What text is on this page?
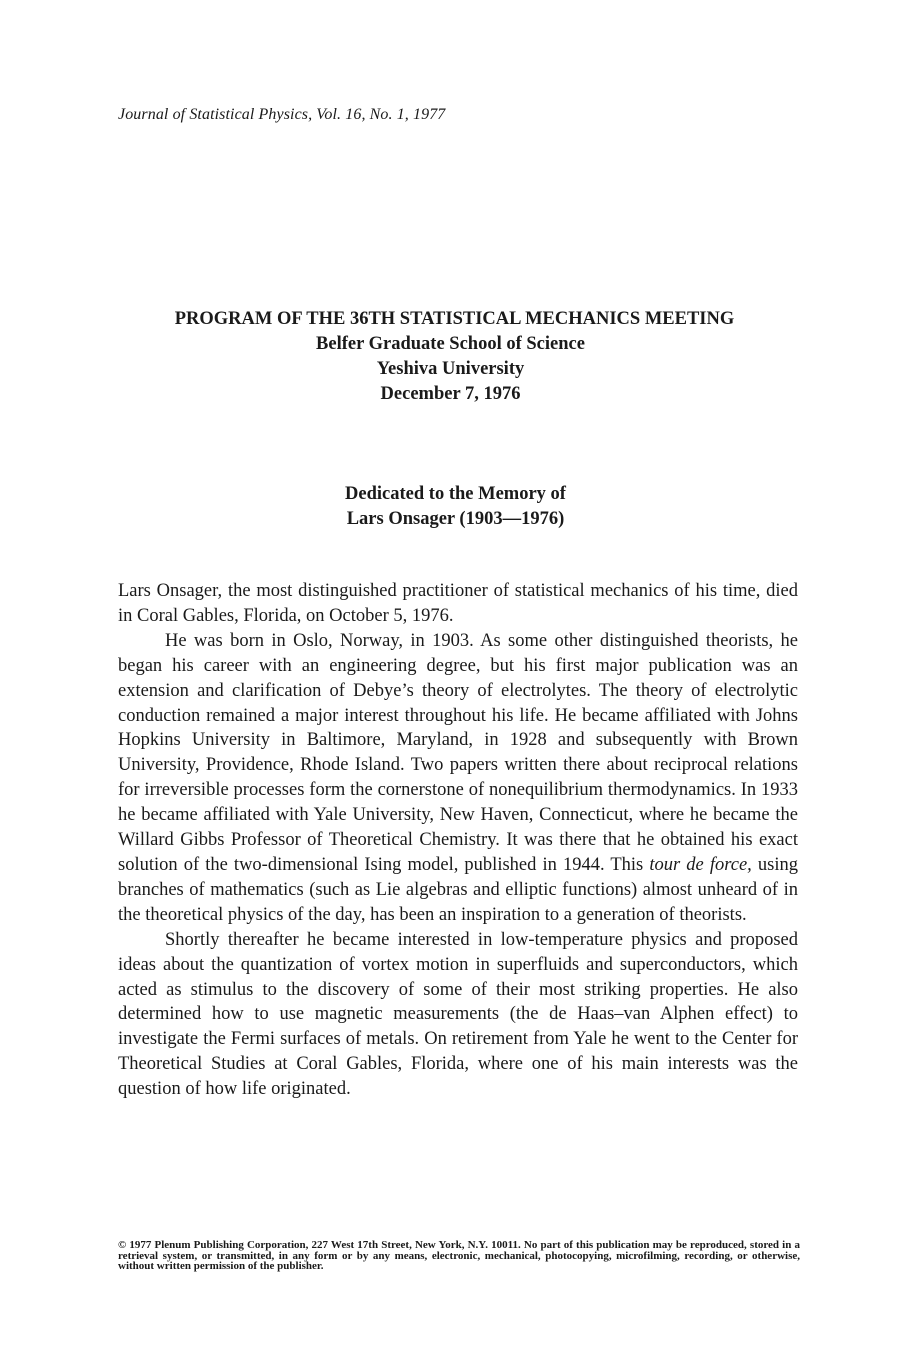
Journal of Statistical Physics, Vol. 16, No. 1, 1977
PROGRAM OF THE 36TH STATISTICAL MECHANICS MEETING
Belfer Graduate School of Science
Yeshiva University
December 7, 1976
Dedicated to the Memory of
Lars Onsager (1903—1976)

Lars Onsager, the most distinguished practitioner of statistical mechanics of his time, died in Coral Gables, Florida, on October 5, 1976.

He was born in Oslo, Norway, in 1903. As some other distinguished theorists, he began his career with an engineering degree, but his first major publication was an extension and clarification of Debye’s theory of electrolytes. The theory of electrolytic conduction remained a major interest throughout his life. He became affiliated with Johns Hopkins University in Baltimore, Maryland, in 1928 and subsequently with Brown University, Providence, Rhode Island. Two papers written there about reciprocal relations for irreversible processes form the cornerstone of nonequilibrium thermodynamics. In 1933 he became affiliated with Yale University, New Haven, Connecticut, where he became the Willard Gibbs Professor of Theoretical Chemistry. It was there that he obtained his exact solution of the two-dimensional Ising model, published in 1944. This tour de force, using branches of mathematics (such as Lie algebras and elliptic functions) almost unheard of in the theoretical physics of the day, has been an inspiration to a generation of theorists.

Shortly thereafter he became interested in low-temperature physics and proposed ideas about the quantization of vortex motion in superfluids and superconductors, which acted as stimulus to the discovery of some of their most striking properties. He also determined how to use magnetic measurements (the de Haas–van Alphen effect) to investigate the Fermi surfaces of metals. On retirement from Yale he went to the Center for Theoretical Studies at Coral Gables, Florida, where one of his main interests was the question of how life originated.

© 1977 Plenum Publishing Corporation, 227 West 17th Street, New York, N.Y. 10011. No part of this publication may be reproduced, stored in a retrieval system, or transmitted, in any form or by any means, electronic, mechanical, photocopying, microfilming, recording, or otherwise, without written permission of the publisher.
